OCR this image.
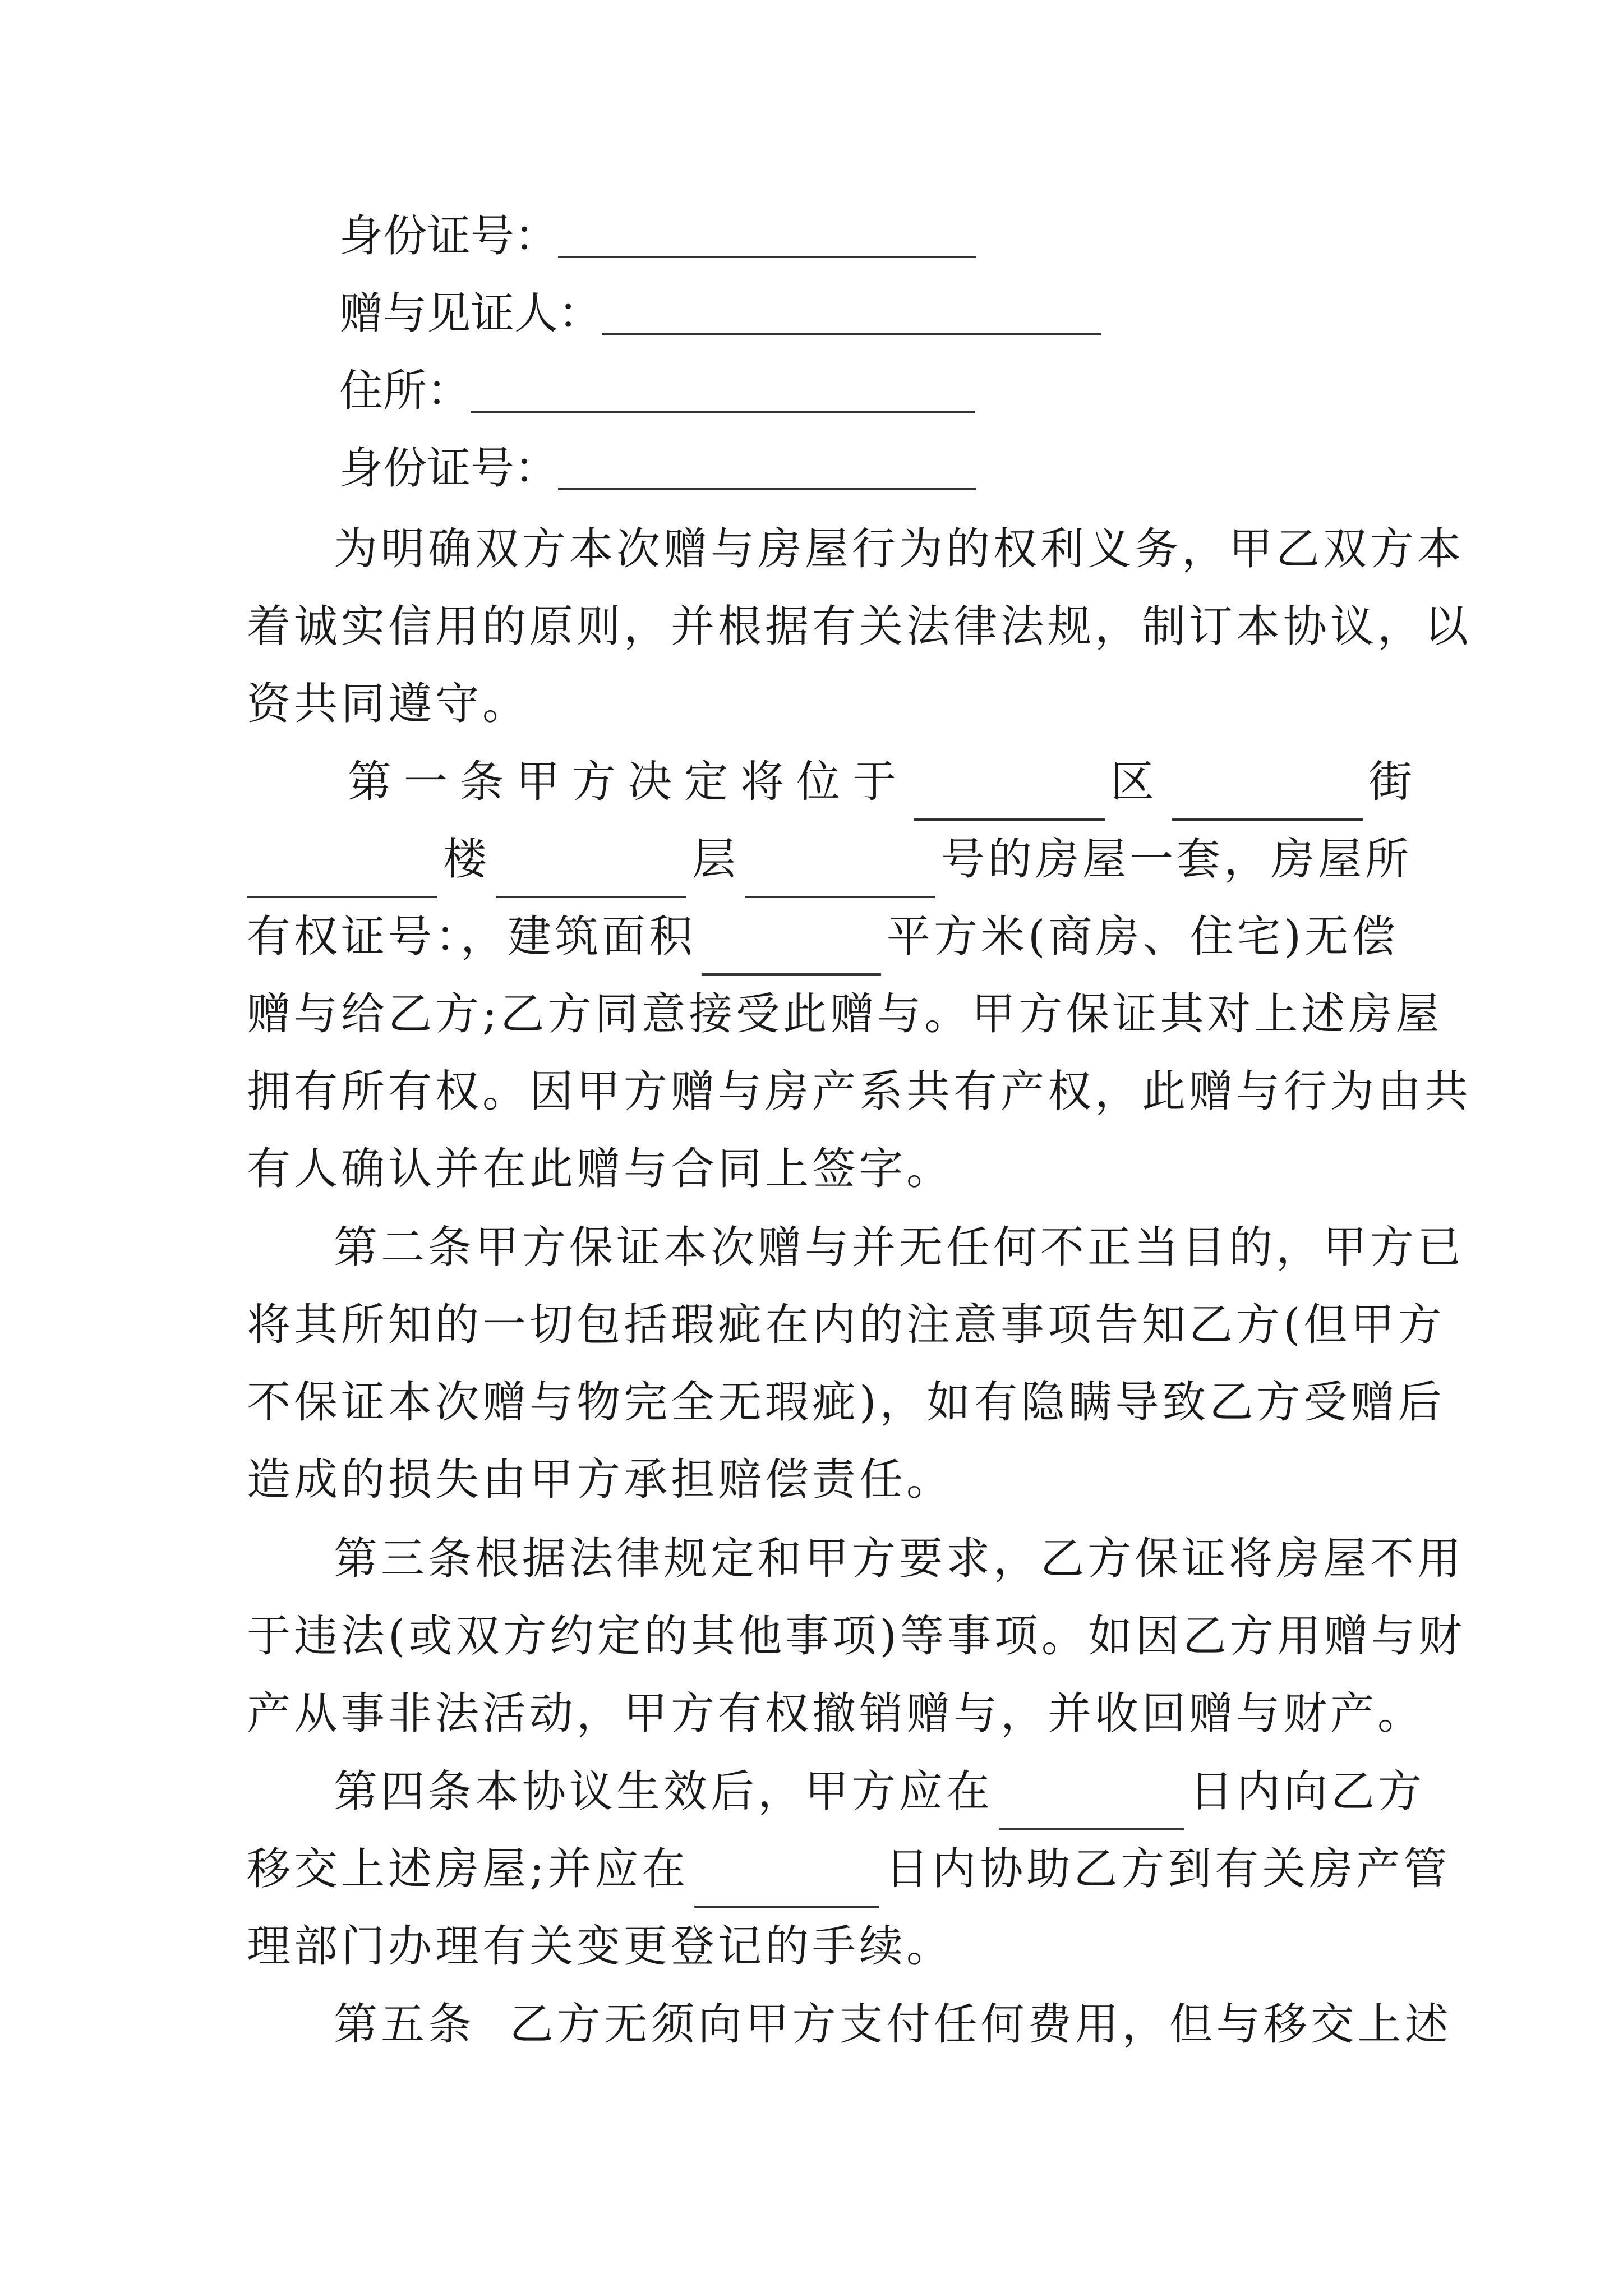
身份证号：
赠与见证人：
住所：
身份证号：
为明确双方本次赠与房屋行为的权利义务，甲乙双方本
着诚实信用的原则，并根据有关法律法规，制订本协议，以
资共同遵守。
第一条甲方决定将位于	区	街
楼	层	号的房屋一套，房屋所
有权证号：，建筑面积	平方米(商房、住宅)无偿
赠与给乙方;乙方同意接受此赠与。甲方保证其对上述房屋
拥有所有权。因甲方赠与房产系共有产权，此赠与行为由共
有人确认并在此赠与合同上签字。
第二条甲方保证本次赠与并无任何不正当目的，甲方已
将其所知的一切包括瑕疵在内的注意事项告知乙方(但甲方
不保证本次赠与物完全无瑕疵)，如有隐瞒导致乙方受赠后
造成的损失由甲方承担赔偿责任。
第三条根据法律规定和甲方要求，乙方保证将房屋不用
于违法(或双方约定的其他事项)等事项。如因乙方用赠与财
产从事非法活动，甲方有权撤销赠与，并收回赠与财产。
第四条本协议生效后，甲方应在	日内向乙方
移交上述房屋;并应在	日内协助乙方到有关房产管
理部门办理有关变更登记的手续。
第五条  乙方无须向甲方支付任何费用，但与移交上述
